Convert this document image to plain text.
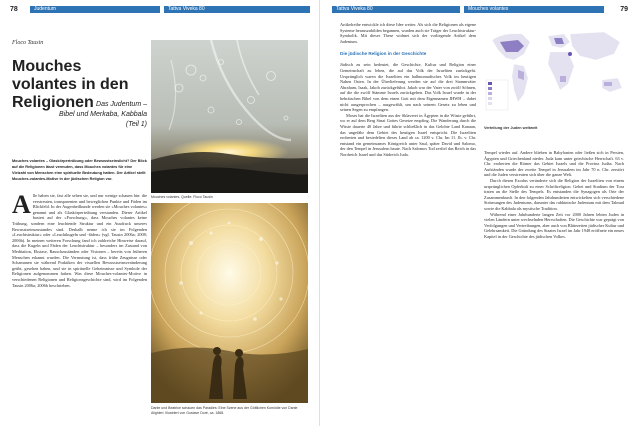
78	Judentum	Tattva Viveka 80
Floco Tausin
Mouches volantes in den Religionen Das Judentum –
Bibel und Merkaba, Kabbala
(Teil 1)
Mouches volantes – Glaskörpertrübung oder Bewusstseinslicht? Der Blick auf die Religionen lässt vermuten, dass Mouches volantes für eine Vielzahl von Menschen eine spirituelle Bedeutung hatten. Der Artikel stellt Mouches-volantes-Motive in der jüdischen Religion vor.
Mouches volantes. Quelle: Floco Tausin
Dante und Beatrice schauen das Paradies: Eine Szene aus der Göttlichen Komödie von Dante Alighieri. Illustriert von Gustave Doré, ca. 1868.
A lle haben sie, fast alle sehen sie, und nur wenige schauen hin: die verstreuten, transparenten und beweglichen Punkte und Fäden im Blickfeld. In der Augenheilkunde werden sie »Mouches volantes« genannt und als Glaskörpertrübung verstanden. Dieser Artikel basiert auf der »Forschung«, dass Mouches volantes keine Trübung, sondern eine leuchtende Struktur und ein Ausdruck unseres Bewusstseinszustandes sind. Deshalb nenne ich sie im Folgenden »Leuchtstruktur« oder »Leuchtkugeln und -fäden« (vgl. Tausin 2006a; 2008; 2006b). In meinen weiteren Forschung fand ich zahlreiche Hinweise darauf, dass die Kugeln und Fäden der Leuchtstruktur – besonders im Zustand von Meditation, Ekstase, Rauschzuständen oder Visionen – bereits von früheren Menschen erkannt wurden. Die Vermutung ist, dass frühe Zeugnisse oder Schamanen sie während Praktiken der visuellen Bewusstseinsveränderung geübt, gesehen haben, und sie in spirituelle Geheimnisse und Symbole der Religionen aufgenommen haben. Was diese Mouches-volantes-Motive in verschiedenen Religionen und Religionsgeschichte sind, wird im Folgenden Tausin 2006a; 2006b beschrieben.
Tattva Viveka 80	Mouches volantes	79

Artikelreihe entwickle ich diese Idee weiter. Als sich die Religionen als eigene Systeme herauszubilden begannen, wurden auch sie Träger der Leuchtstruktur-Symbolik. Mit dieser These widmet sich der vorliegende Artikel dem Judentum.

Die jüdische Religion in der Geschichte

Jüdisch zu sein bedeutet, die Geschichte, Kultur und Religion einer Gemeinschaft zu leben, die auf das Volk der Israeliten zurückgeht. Ursprünglich waren die Israeliten ein halbnomadisches Volk im heutigen Nahen Osten. In der Überlieferung werden sie auf die drei Stammväter Abraham, Isaak, Jakob zurückgeführt. Jakob war der Vater von zwölf Söhnen, auf die die zwölf Stämme Israels zurückgehen. Das Volk Israel wurde in der hebräischen Bibel von dem einen Gott mit dem Eigennamen JHWH – dabei nicht ausgesprochen – ausgewählt, um nach seinem Gesetz zu leben und seinen Segen zu empfangen.

Moses hat die Israeliten aus der Sklaverei in Ägypten in die Wüste geführt, wo er auf dem Berg Sinai Gottes Gesetze empfing. Die Wanderung durch die Wüste dauerte 40 Jahre und führte schließlich in das Gelobte Land Kanaan, das ungefähr dem Gebiet des heutigen Israel entspricht. Die Israeliten eroberten und besiedelten dieses Land ab ca. 1200 v. Chr. Im 11. Jh. v. Chr. entstand ein gemeinsames Königreich unter Saul, später David und Salomo, der den Tempel in Jerusalem baute. Nach Salomos Tod zerfiel das Reich in das Nordreich Israel und das Südreich Juda.

Verteilung der Juden weltweit

Tempel wieder auf. Andere blieben in Babylonien oder ließen sich in Persien, Ägypten und Griechenland nieder. Juda kam unter griechische Herrschaft. 63 v. Chr. eroberten die Römer das Gebiet Israels und die Provinz Judäa. Nach Aufständen wurde der zweite Tempel in Jerusalem im Jahr 70 n. Chr. zerstört und die Juden verstreuten sich über die ganze Welt.

Durch diesen Exodus veränderte sich die Religion der Israeliten von einem ursprünglichen Opferkult zu einer Schriftreligion. Gebet und Studium der Tora traten an die Stelle des Tempels. Es entstanden die Synagogen als Orte der Zusammenkunft. In den folgenden Jahrhunderten entwickelten sich verschiedene Strömungen des Judentums, darunter das rabbinische Judentum mit dem Talmud sowie die Kabbala als mystische Tradition.

Während einer Jahrhunderte langen Zeit vor 2000 Jahren lebten Juden in vielen Ländern unter wechselnden Herrschaften. Die Geschichte war geprägt von Verfolgungen und Vertreibungen, aber auch von Blütezeiten jüdischer Kultur und Gelehrsamkeit. Die Gründung des Staates Israel im Jahr 1948 eröffnete ein neues Kapitel in der Geschichte des jüdischen Volkes.
